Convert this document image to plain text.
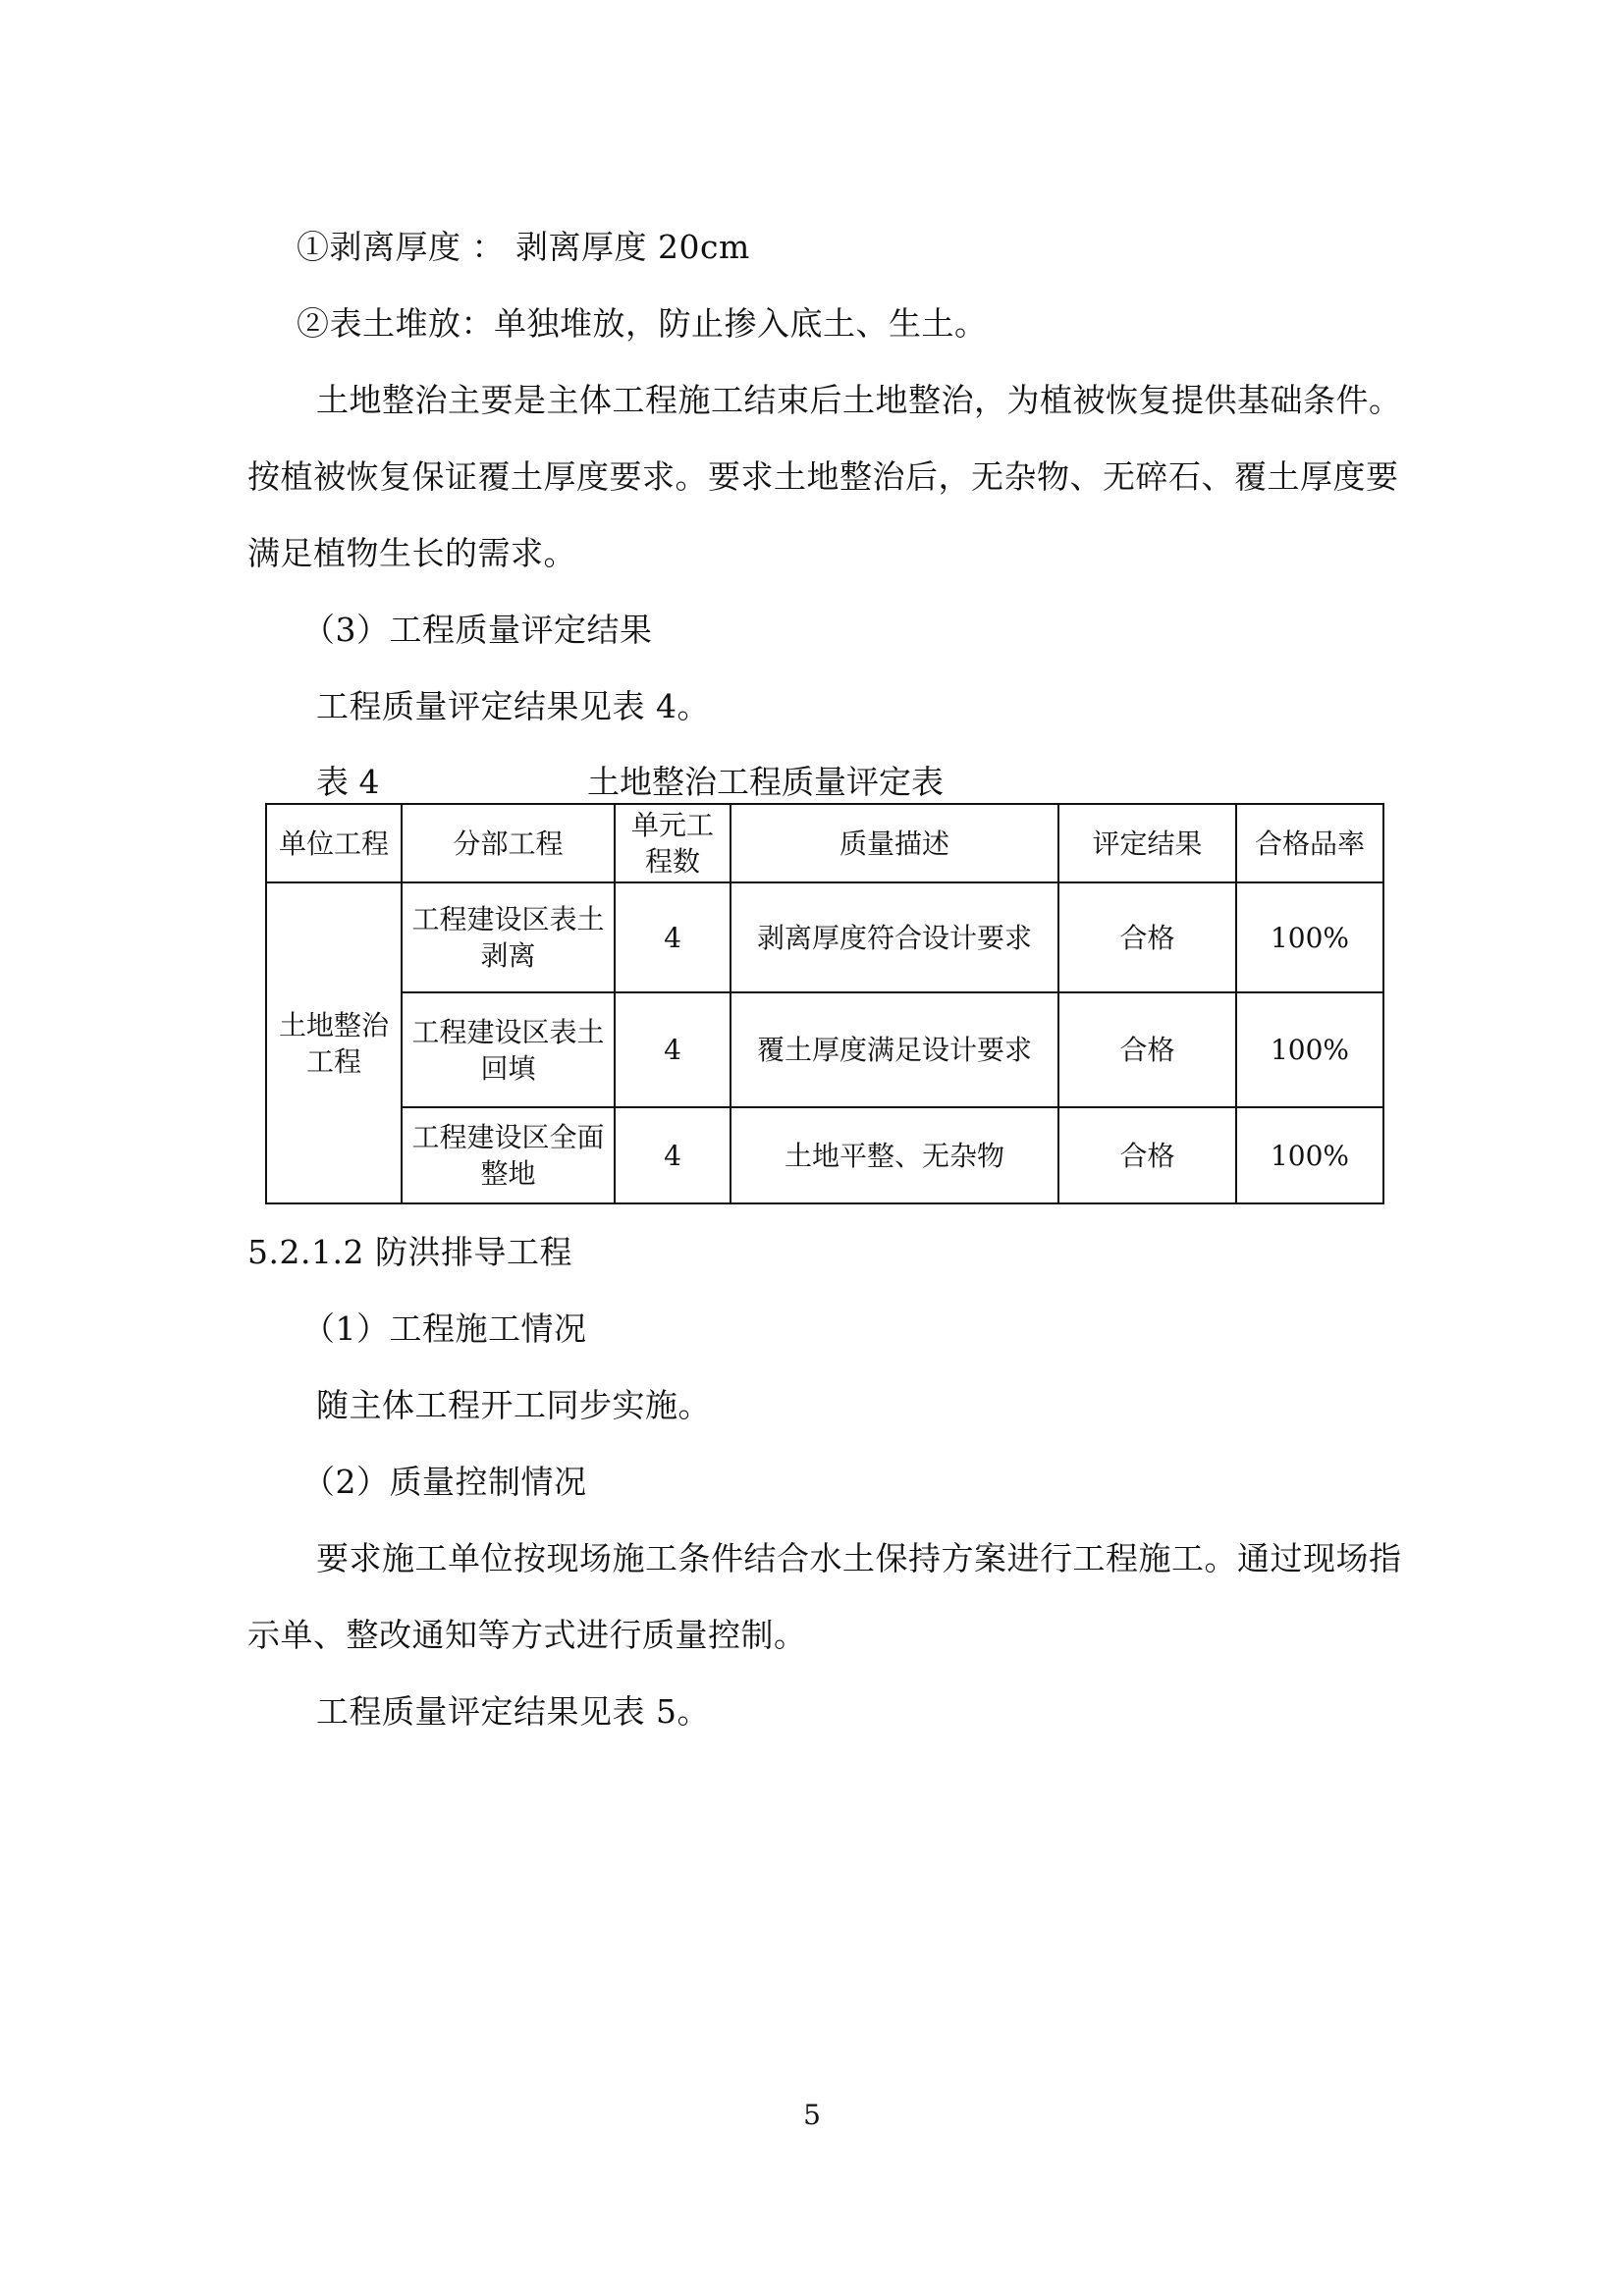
①剥离厚度 ： 剥离厚度 20cm
②表土堆放：单独堆放，防止掺入底土、生土。
土地整治主要是主体工程施工结束后土地整治，为植被恢复提供基础条件。
按植被恢复保证覆土厚度要求。要求土地整治后，无杂物、无碎石、覆土厚度要
满足植物生长的需求。
（3）工程质量评定结果
工程质量评定结果见表 4。
表 4	土地整治工程质量评定表
单位工程	分部工程	单元工程数	质量描述	评定结果	合格品率
土地整治工程	工程建设区表土剥离	4	剥离厚度符合设计要求	合格	100%
	工程建设区表土回填	4	覆土厚度满足设计要求	合格	100%
	工程建设区全面整地	4	土地平整、无杂物	合格	100%
5.2.1.2 防洪排导工程
（1）工程施工情况
随主体工程开工同步实施。
（2）质量控制情况
要求施工单位按现场施工条件结合水土保持方案进行工程施工。通过现场指
示单、整改通知等方式进行质量控制。
工程质量评定结果见表 5。
5
